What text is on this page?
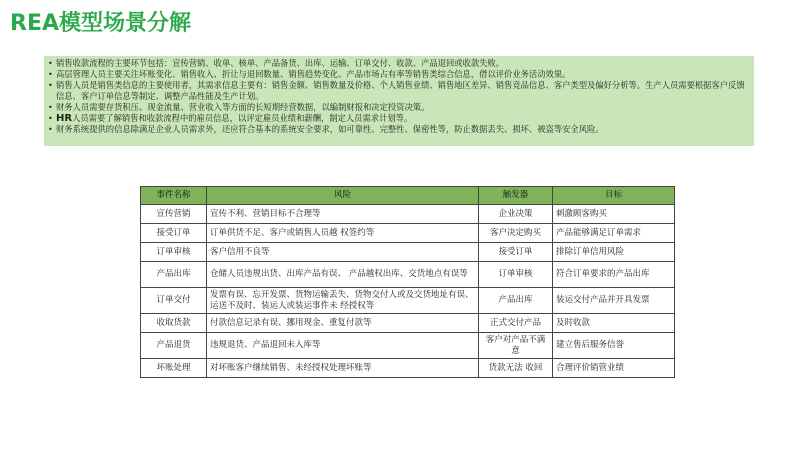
REA模型场景分解
• 销售收款流程的主要环节包括：宣传营销、收单、核单、产品备货、出库、运输、订单交付、收款、产品退回或收款失败。
• 高层管理人员主要关注坏账变化、销售收入、折让与退回数量、销售趋势变化、产品市场占有率等销售类综合信息，借以评价业务活动效果。
• 销售人员是销售类信息的主要使用者，其需求信息主要有：销售金额、销售数量及价格、个人销售业绩、销售地区差异、销售竞品信息、客户类型及偏好分析等。生产人员需要根据客户反馈信息、客户订单信息等制定、调整产品性能及生产计划。
• 财务人员需要存货积压、现金流量、营业收入等方面的长短期经营数据，以编制财报和决定投资决策。
• HR人员需要了解销售和收款流程中的雇员信息，以评定雇员业绩和薪酬，制定人员需求计划等。
• 财务系统提供的信息除满足企业人员需求外，还应符合基本的系统安全要求，如可靠性、完整性、保密性等，防止数据丢失、损坏、被盗等安全风险。
事件名称	风险	触发器	目标
宣传营销	宣传不利、营销目标不合理等	企业决策	刺激顾客购买
接受订单	订单供货不足、客户或销售人员越 权签约等	客户决定购买	产品能够满足订单需求
订单审核	客户信用不良等	接受订单	排除订单信用风险
产品出库	仓储人员违规出货、出库产品有误、 产品越权出库、交货地点有误等	订单审核	符合订单要求的产品出库
订单交付	发票有误、忘开发票、货物运输丢失、货物交付人或及交货地址有误、 运送不及时、装运人或装运事件未 经授权等	产品出库	装运交付产品并开具发票
收取货款	付款信息记录有误、挪用现金、重复付款等	正式交付产品	及时收款
产品退货	违规退货、产品退回未入库等	客户对产品不满意	建立售后服务信誉
坏账处理	对坏账客户继续销售、未经授权处理坏账等	货款无法 收回	合理评价销管业绩
